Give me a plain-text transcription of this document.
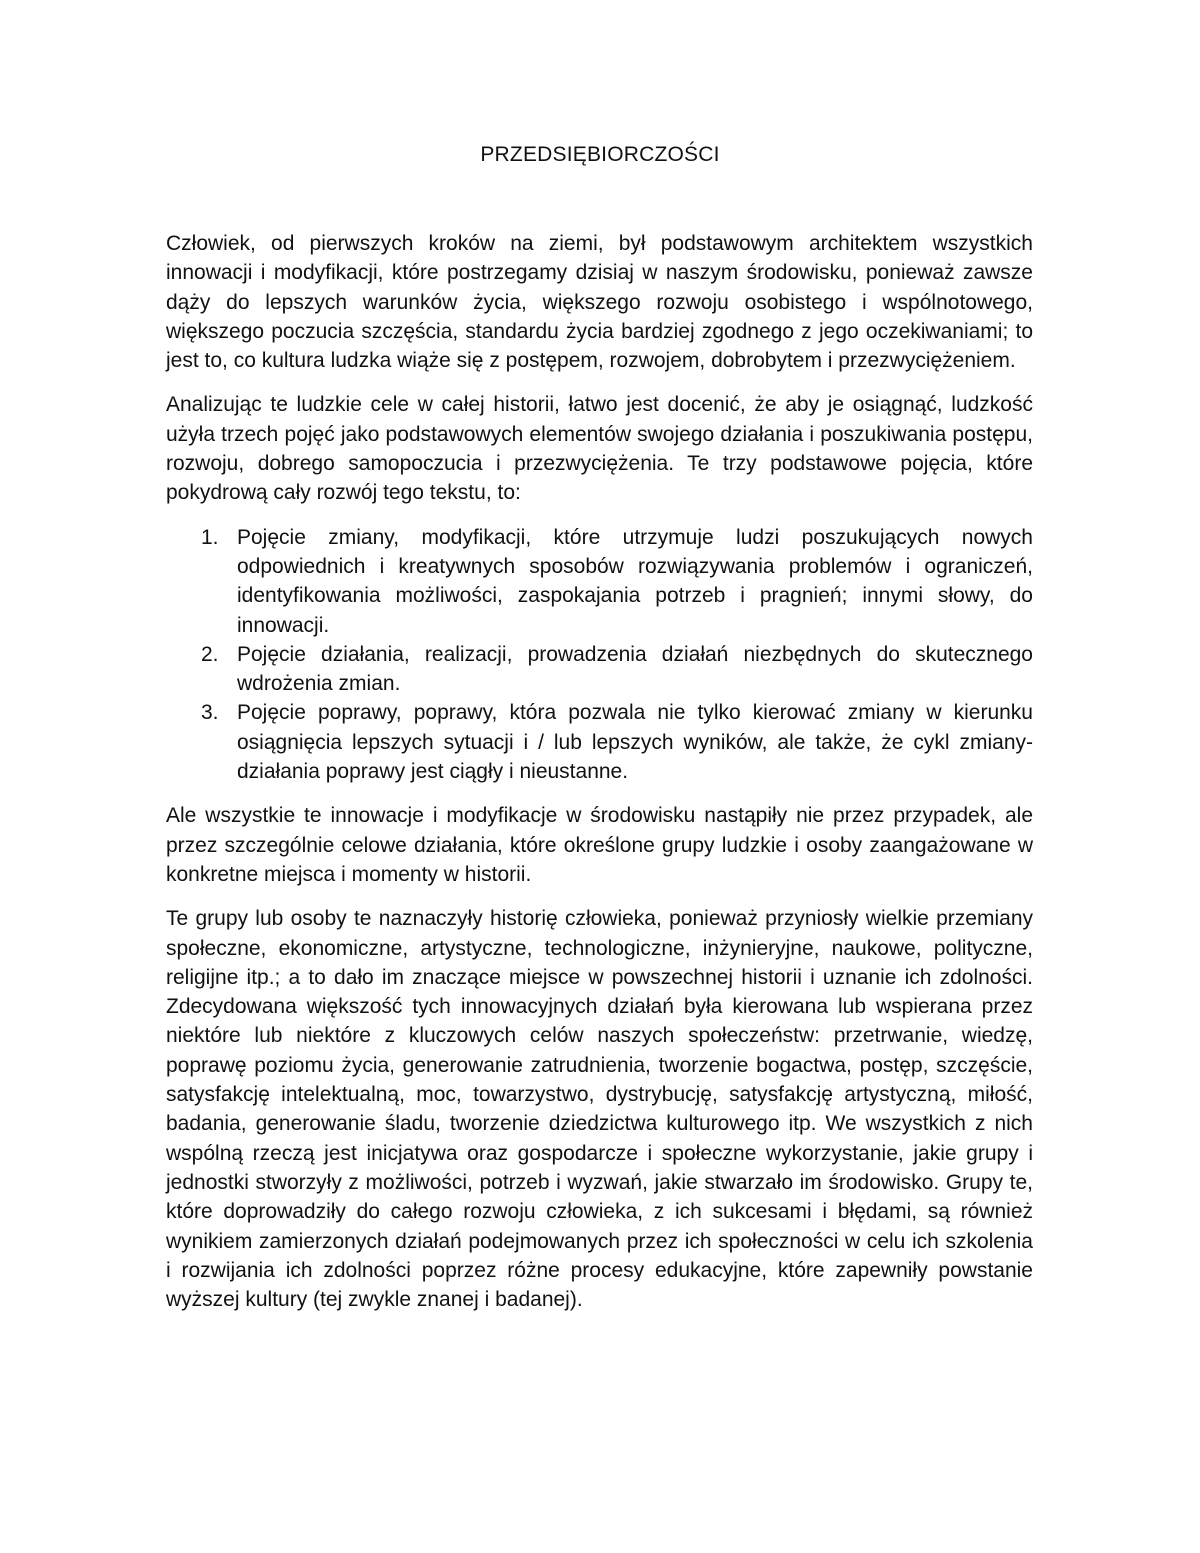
PRZEDSIĘBIORCZOŚCI

Człowiek, od pierwszych kroków na ziemi, był podstawowym architektem wszystkich innowacji i modyfikacji, które postrzegamy dzisiaj w naszym środowisku, ponieważ zawsze dąży do lepszych warunków życia, większego rozwoju osobistego i wspólnotowego, większego poczucia szczęścia, standardu życia bardziej zgodnego z jego oczekiwaniami; to jest to, co kultura ludzka wiąże się z postępem, rozwojem, dobrobytem i przezwyciężeniem.

Analizując te ludzkie cele w całej historii, łatwo jest docenić, że aby je osiągnąć, ludzkość użyła trzech pojęć jako podstawowych elementów swojego działania i poszukiwania postępu, rozwoju, dobrego samopoczucia i przezwyciężenia. Te trzy podstawowe pojęcia, które pokydrową cały rozwój tego tekstu, to:

1. Pojęcie zmiany, modyfikacji, które utrzymuje ludzi poszukujących nowych odpowiednich i kreatywnych sposobów rozwiązywania problemów i ograniczeń, identyfikowania możliwości, zaspokajania potrzeb i pragnień; innymi słowy, do innowacji.
2. Pojęcie działania, realizacji, prowadzenia działań niezbędnych do skutecznego wdrożenia zmian.
3. Pojęcie poprawy, poprawy, która pozwala nie tylko kierować zmiany w kierunku osiągnięcia lepszych sytuacji i / lub lepszych wyników, ale także, że cykl zmiany-działania poprawy jest ciągły i nieustanne.

Ale wszystkie te innowacje i modyfikacje w środowisku nastąpiły nie przez przypadek, ale przez szczególnie celowe działania, które określone grupy ludzkie i osoby zaangażowane w konkretne miejsca i momenty w historii.

Te grupy lub osoby te naznaczyły historię człowieka, ponieważ przyniosły wielkie przemiany społeczne, ekonomiczne, artystyczne, technologiczne, inżynieryjne, naukowe, polityczne, religijne itp.; a to dało im znaczące miejsce w powszechnej historii i uznanie ich zdolności. Zdecydowana większość tych innowacyjnych działań była kierowana lub wspierana przez niektóre lub niektóre z kluczowych celów naszych społeczeństw: przetrwanie, wiedzę, poprawę poziomu życia, generowanie zatrudnienia, tworzenie bogactwa, postęp, szczęście, satysfakcję intelektualną, moc, towarzystwo, dystrybucję, satysfakcję artystyczną, miłość, badania, generowanie śladu, tworzenie dziedzictwa kulturowego itp. We wszystkich z nich wspólną rzeczą jest inicjatywa oraz gospodarcze i społeczne wykorzystanie, jakie grupy i jednostki stworzyły z możliwości, potrzeb i wyzwań, jakie stwarzało im środowisko. Grupy te, które doprowadziły do całego rozwoju człowieka, z ich sukcesami i błędami, są również wynikiem zamierzonych działań podejmowanych przez ich społeczności w celu ich szkolenia i rozwijania ich zdolności poprzez różne procesy edukacyjne, które zapewniły powstanie wyższej kultury (tej zwykle znanej i badanej).
